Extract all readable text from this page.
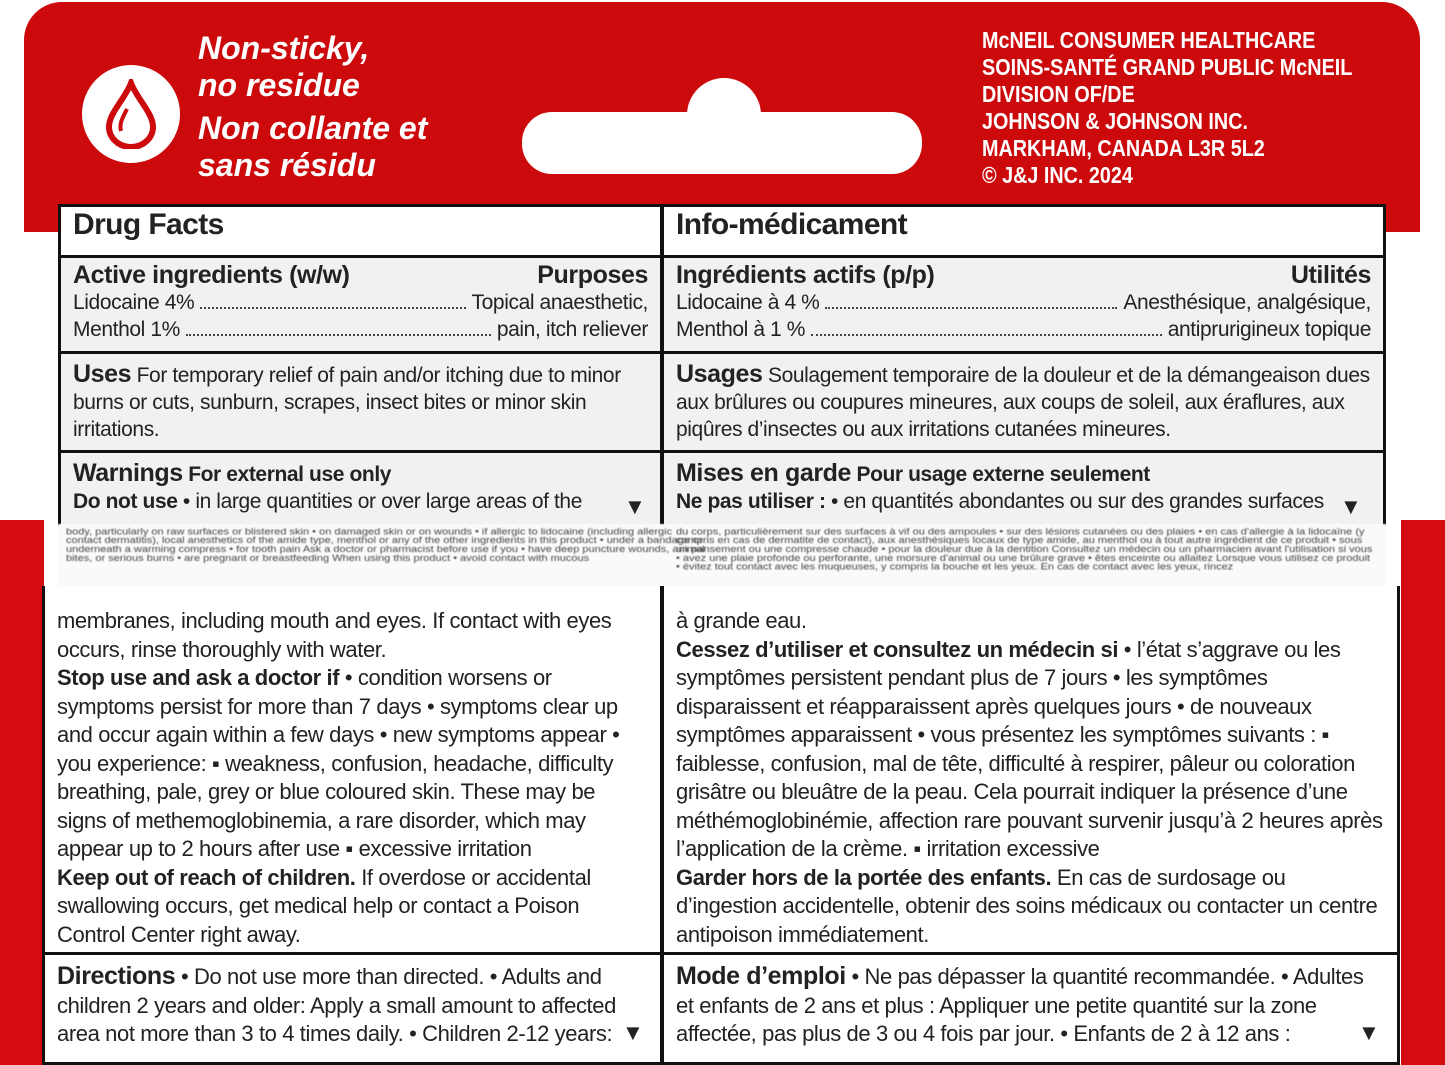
Non-sticky,
no residue
Non collante et
sans résidu
McNEIL CONSUMER HEALTHCARE
SOINS-SANTÉ GRAND PUBLIC McNEIL
DIVISION OF/DE
JOHNSON & JOHNSON INC.
MARKHAM, CANADA L3R 5L2
© J&J INC. 2024
Drug Facts
Active ingredients (w/w)	Purposes
Lidocaine 4%	Topical anaesthetic,
Menthol 1%	pain, itch reliever
Uses For temporary relief of pain and/or itching due to minor burns or cuts, sunburn, scrapes, insect bites or minor skin irritations.
Warnings For external use only
Do not use • in large quantities or over large areas of the	▼
Info-médicament
Ingrédients actifs (p/p)	Utilités
Lidocaine à 4 %	Anesthésique, analgésique,
Menthol à 1 %	antiprurigineux topique
Usages Soulagement temporaire de la douleur et de la démangeaison dues aux brûlures ou coupures mineures, aux coups de soleil, aux éraflures, aux piqûres d’insectes ou aux irritations cutanées mineures.
Mises en garde Pour usage externe seulement
Ne pas utiliser : • en quantités abondantes ou sur des grandes surfaces ▼
body, particularly on raw surfaces or blistered skin • on damaged skin or on wounds • if allergic to lidocaine (including allergic contact dermatitis), local anesthetics of the amide type, menthol or any of the other ingredients in this product • under a bandage or underneath a warming compress • for tooth pain Ask a doctor or pharmacist before use if you • have deep puncture wounds, animal bites, or serious burns • are pregnant or breastfeeding When using this product • avoid contact with mucous
du corps, particulièrement sur des surfaces à vif ou des ampoules • sur des lésions cutanées ou des plaies • en cas d'allergie à la lidocaïne (y compris en cas de dermatite de contact), aux anesthésiques locaux de type amide, au menthol ou à tout autre ingrédient de ce produit • sous un pansement ou une compresse chaude • pour la douleur due à la dentition Consultez un médecin ou un pharmacien avant l'utilisation si vous • avez une plaie profonde ou perforante, une morsure d'animal ou une brûlure grave • êtes enceinte ou allaitez Lorsque vous utilisez ce produit • évitez tout contact avec les muqueuses, y compris la bouche et les yeux. En cas de contact avec les yeux, rincez
membranes, including mouth and eyes. If contact with eyes occurs, rinse thoroughly with water.
Stop use and ask a doctor if • condition worsens or symptoms persist for more than 7 days • symptoms clear up and occur again within a few days • new symptoms appear • you experience: ▪ weakness, confusion, headache, difficulty breathing, pale, grey or blue coloured skin. These may be signs of methemoglobinemia, a rare disorder, which may appear up to 2 hours after use ▪ excessive irritation
Keep out of reach of children. If overdose or accidental swallowing occurs, get medical help or contact a Poison Control Center right away.
Directions • Do not use more than directed. • Adults and children 2 years and older: Apply a small amount to affected area not more than 3 to 4 times daily. • Children 2-12 years: ▼
à grande eau.
Cessez d’utiliser et consultez un médecin si • l’état s’aggrave ou les symptômes persistent pendant plus de 7 jours • les symptômes disparaissent et réapparaissent après quelques jours • de nouveaux symptômes apparaissent • vous présentez les symptômes suivants : ▪ faiblesse, confusion, mal de tête, difficulté à respirer, pâleur ou coloration grisâtre ou bleuâtre de la peau. Cela pourrait indiquer la présence d’une méthémoglobinémie, affection rare pouvant survenir jusqu’à 2 heures après l’application de la crème. ▪ irritation excessive
Garder hors de la portée des enfants. En cas de surdosage ou d’ingestion accidentelle, obtenir des soins médicaux ou contacter un centre antipoison immédiatement.
Mode d’emploi • Ne pas dépasser la quantité recommandée. • Adultes et enfants de 2 ans et plus : Appliquer une petite quantité sur la zone affectée, pas plus de 3 ou 4 fois par jour. • Enfants de 2 à 12 ans :	▼
